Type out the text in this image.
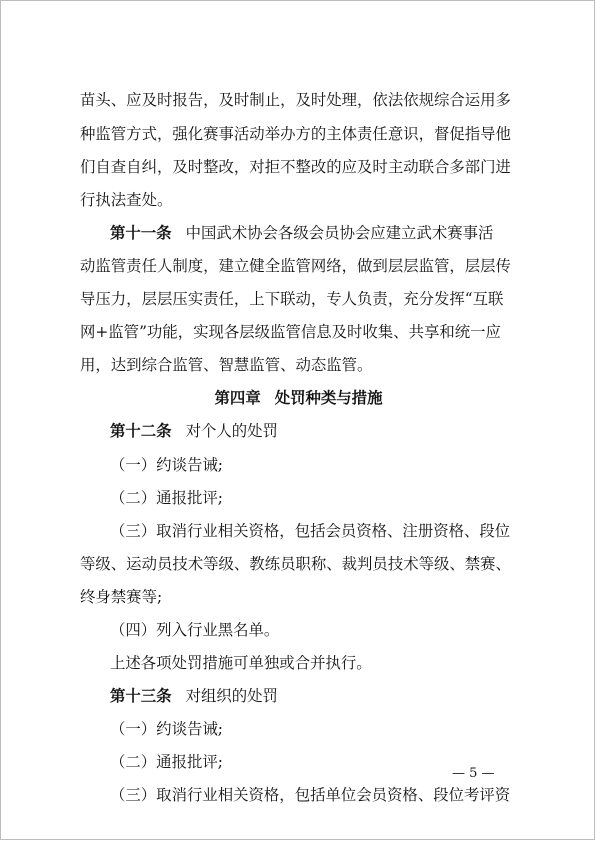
苗头、应及时报告，及时制止，及时处理，依法依规综合运用多
种监管方式，强化赛事活动举办方的主体责任意识，督促指导他
们自查自纠，及时整改，对拒不整改的应及时主动联合多部门进
行执法查处。
第十一条 中国武术协会各级会员协会应建立武术赛事活
动监管责任人制度，建立健全监管网络，做到层层监管，层层传
导压力，层层压实责任，上下联动，专人负责，充分发挥“互联
网+监管”功能，实现各层级监管信息及时收集、共享和统一应
用，达到综合监管、智慧监管、动态监管。
第四章 处罚种类与措施
第十二条 对个人的处罚
（一）约谈告诫;
（二）通报批评;
（三）取消行业相关资格，包括会员资格、注册资格、段位
等级、运动员技术等级、教练员职称、裁判员技术等级、禁赛、
终身禁赛等;
（四）列入行业黑名单。
上述各项处罚措施可单独或合并执行。
第十三条 对组织的处罚
（一）约谈告诫;
（二）通报批评;
（三）取消行业相关资格，包括单位会员资格、段位考评资
— 5 —
